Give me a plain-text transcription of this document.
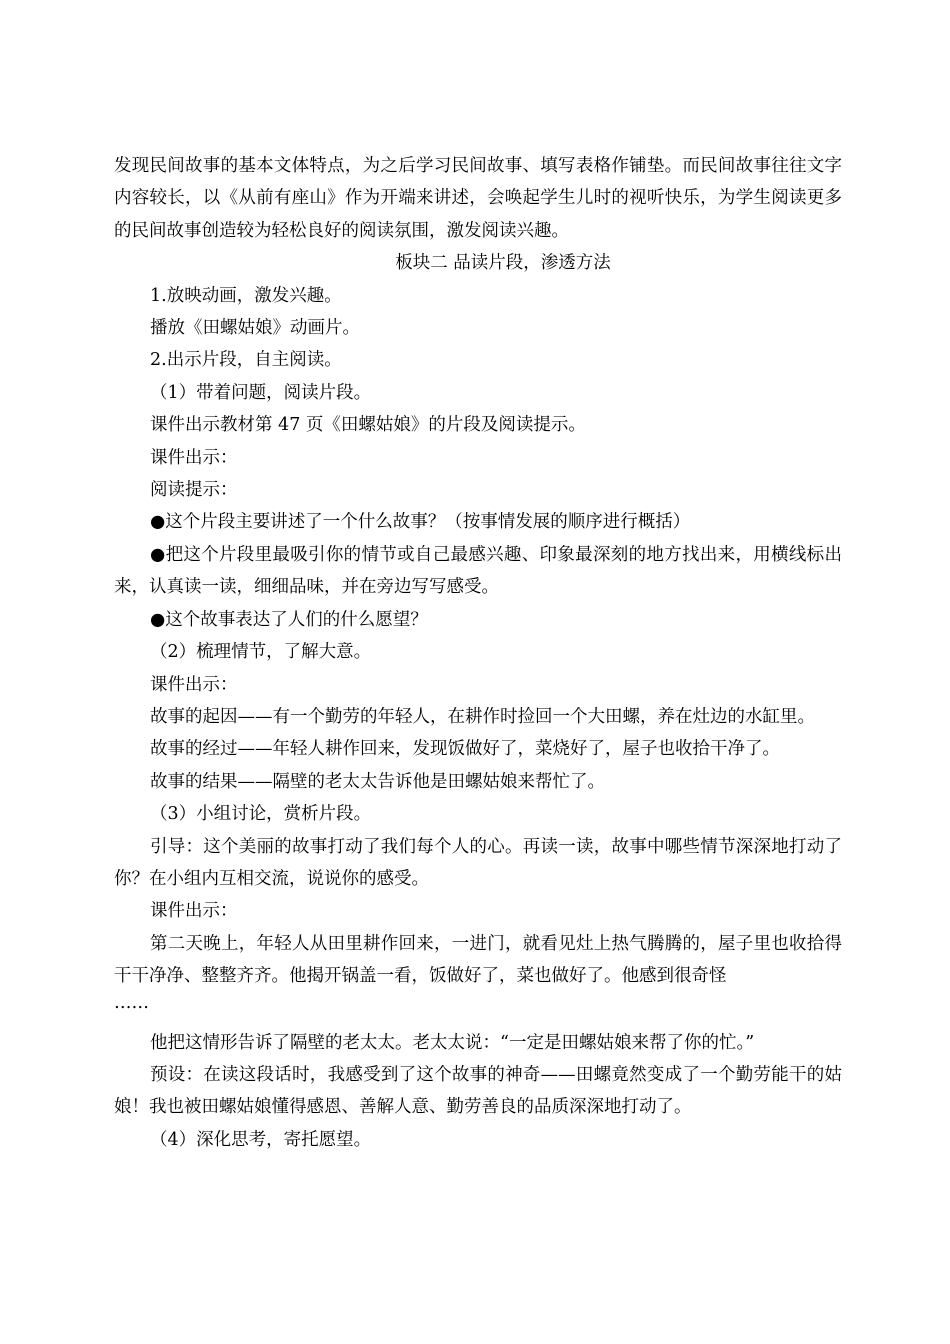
发现民间故事的基本文体特点，为之后学习民间故事、填写表格作铺垫。而民间故事往往文字内容较长，以《从前有座山》作为开端来讲述，会唤起学生儿时的视听快乐，为学生阅读更多的民间故事创造较为轻松良好的阅读氛围，激发阅读兴趣。

板块二 品读片段，渗透方法

1.放映动画，激发兴趣。

播放《田螺姑娘》动画片。

2.出示片段，自主阅读。

（1）带着问题，阅读片段。

课件出示教材第 47 页《田螺姑娘》的片段及阅读提示。

课件出示：

阅读提示：

●这个片段主要讲述了一个什么故事？（按事情发展的顺序进行概括）

●把这个片段里最吸引你的情节或自己最感兴趣、印象最深刻的地方找出来，用横线标出来，认真读一读，细细品味，并在旁边写写感受。

●这个故事表达了人们的什么愿望？

（2）梳理情节，了解大意。

课件出示：

故事的起因——有一个勤劳的年轻人，在耕作时捡回一个大田螺，养在灶边的水缸里。

故事的经过——年轻人耕作回来，发现饭做好了，菜烧好了，屋子也收拾干净了。

故事的结果——隔壁的老太太告诉他是田螺姑娘来帮忙了。

（3）小组讨论，赏析片段。

引导：这个美丽的故事打动了我们每个人的心。再读一读，故事中哪些情节深深地打动了你？在小组内互相交流，说说你的感受。

课件出示：

第二天晚上，年轻人从田里耕作回来，一进门，就看见灶上热气腾腾的，屋子里也收拾得干干净净、整整齐齐。他揭开锅盖一看，饭做好了，菜也做好了。他感到很奇怪

……

他把这情形告诉了隔壁的老太太。老太太说：“一定是田螺姑娘来帮了你的忙。”

预设：在读这段话时，我感受到了这个故事的神奇——田螺竟然变成了一个勤劳能干的姑娘！我也被田螺姑娘懂得感恩、善解人意、勤劳善良的品质深深地打动了。

（4）深化思考，寄托愿望。
